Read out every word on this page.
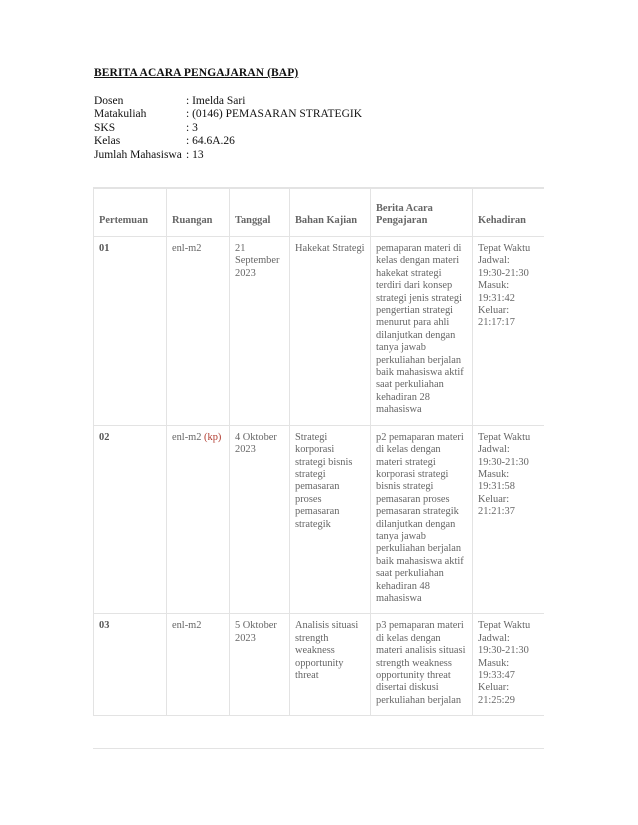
BERITA ACARA PENGAJARAN (BAP)
Dosen	: Imelda Sari
Matakuliah	: (0146) PEMASARAN STRATEGIK
SKS	: 3
Kelas	: 64.6A.26
Jumlah Mahasiswa : 13
Pertemuan	Ruangan	Tanggal	Bahan Kajian	Berita Acara Pengajaran	Kehadiran
01	enl-m2	21 September 2023	Hakekat Strategi	pemaparan materi di kelas dengan materi hakekat strategi terdiri dari konsep strategi jenis strategi pengertian strategi menurut para ahli dilanjutkan dengan tanya jawab perkuliahan berjalan baik mahasiswa aktif saat perkuliahan kehadiran 28 mahasiswa	Tepat Waktu Jadwal: 19:30-21:30 Masuk: 19:31:42 Keluar: 21:17:17
02	enl-m2 (kp)	4 Oktober 2023	Strategi korporasi strategi bisnis strategi pemasaran proses pemasaran strategik	p2 pemaparan materi di kelas dengan materi strategi korporasi strategi bisnis strategi pemasaran proses pemasaran strategik dilanjutkan dengan tanya jawab perkuliahan berjalan baik mahasiswa aktif saat perkuliahan kehadiran 48 mahasiswa	Tepat Waktu Jadwal: 19:30-21:30 Masuk: 19:31:58 Keluar: 21:21:37
03	enl-m2	5 Oktober 2023	Analisis situasi strength weakness opportunity threat	p3 pemaparan materi di kelas dengan materi analisis situasi strength weakness opportunity threat disertai diskusi perkuliahan berjalan	Tepat Waktu Jadwal: 19:30-21:30 Masuk: 19:33:47 Keluar: 21:25:29
